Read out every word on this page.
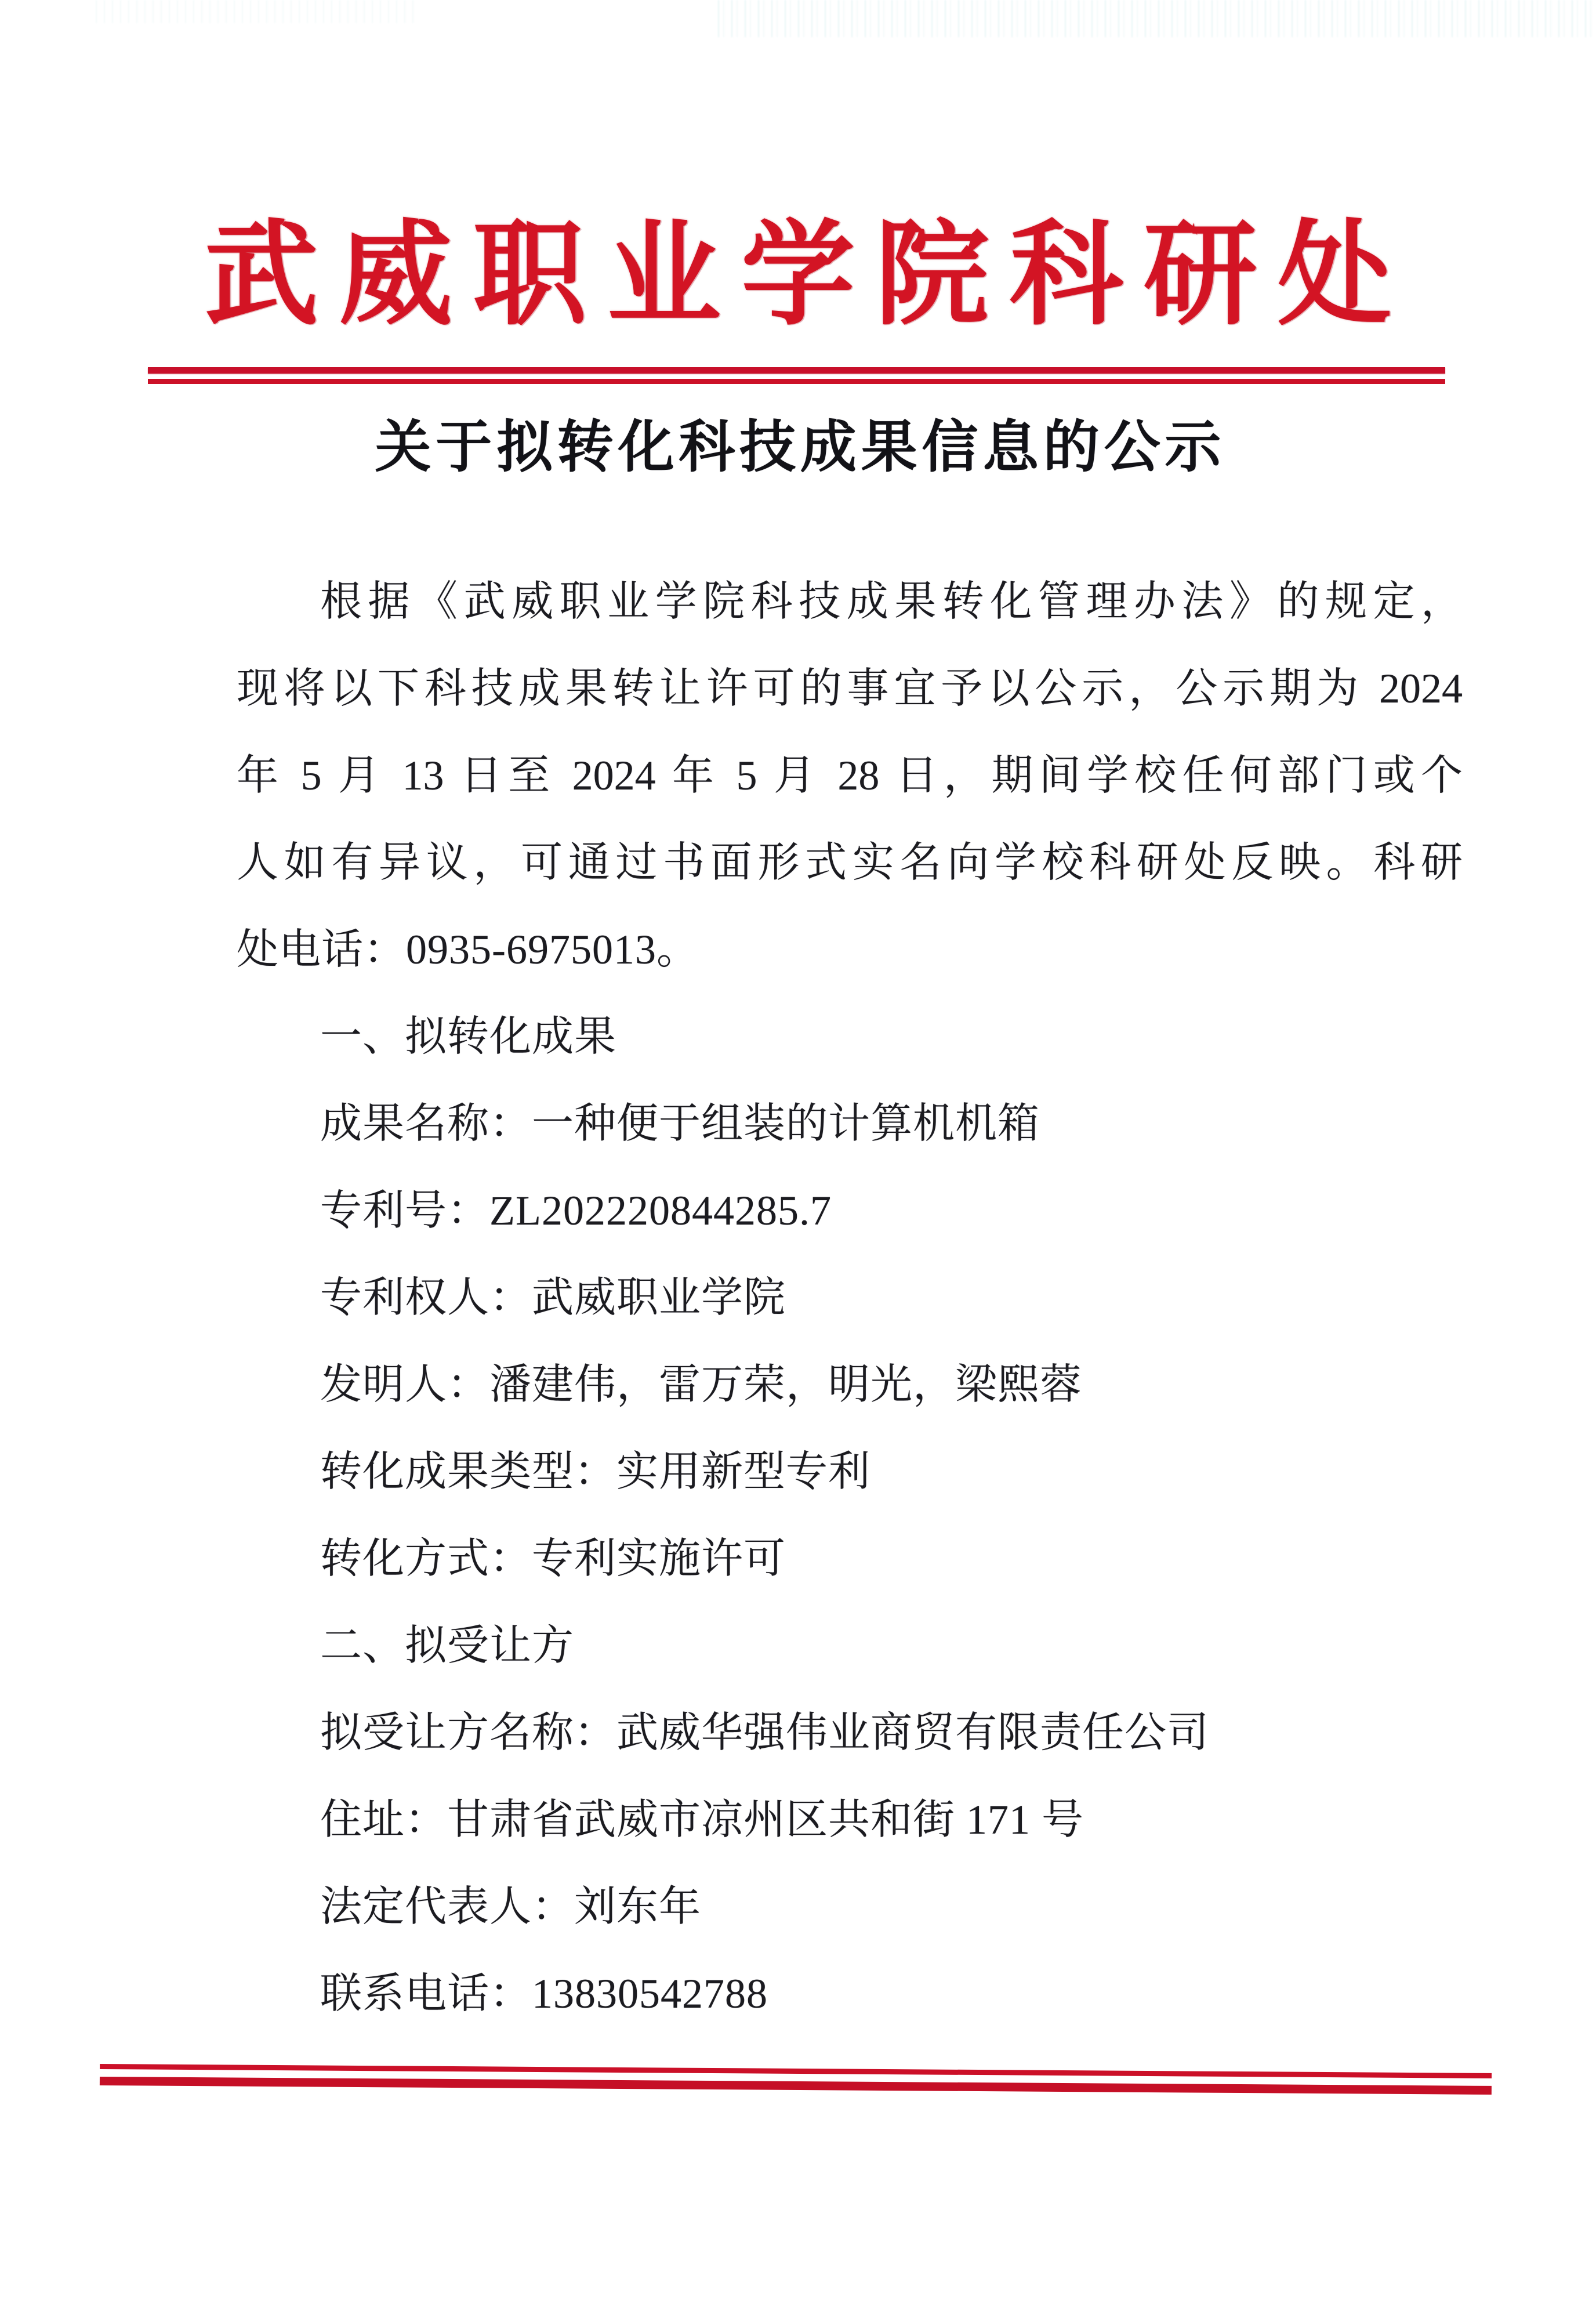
武威职业学院科研处
关于拟转化科技成果信息的公示

根据《武威职业学院科技成果转化管理办法》的规定，

现将以下科技成果转让许可的事宜予以公示，公示期为 2024

年 5 月 13 日至 2024 年 5 月 28 日，期间学校任何部门或个

人如有异议，可通过书面形式实名向学校科研处反映。科研

处电话：0935-6975013。

一、拟转化成果

成果名称：一种便于组装的计算机机箱

专利号：ZL202220844285.7

专利权人：武威职业学院

发明人：潘建伟，雷万荣，明光，梁熙蓉

转化成果类型：实用新型专利

转化方式：专利实施许可

二、拟受让方

拟受让方名称：武威华强伟业商贸有限责任公司

住址：甘肃省武威市凉州区共和街 171 号

法定代表人：刘东年

联系电话：13830542788
